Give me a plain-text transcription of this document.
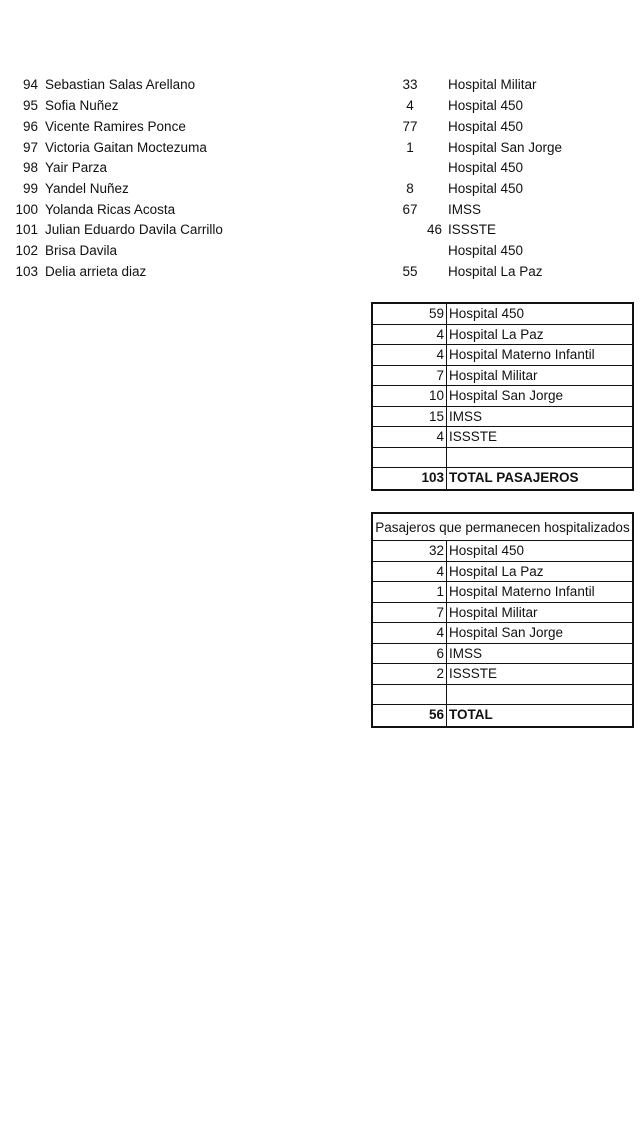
94 Sebastian Salas Arellano	33	Hospital Militar
95 Sofia Nuñez	4	Hospital 450
96 Vicente Ramires Ponce	77	Hospital 450
97 Victoria Gaitan Moctezuma	1	Hospital San Jorge
98 Yair Parza	Hospital 450
99 Yandel Nuñez	8	Hospital 450
100 Yolanda Ricas Acosta	67	IMSS
101 Julian Eduardo Davila Carrillo	46 ISSSTE
102 Brisa Davila	Hospital 450
103 Delia arrieta diaz	55	Hospital La Paz
59 Hospital 450
4 Hospital La Paz
4 Hospital Materno Infantil
7 Hospital Militar
10 Hospital San Jorge
15 IMSS
4 ISSSTE
103 TOTAL PASAJEROS
Pasajeros que permanecen hospitalizados
32 Hospital 450
4 Hospital La Paz
1 Hospital Materno Infantil
7 Hospital Militar
4 Hospital San Jorge
6 IMSS
2 ISSSTE
56 TOTAL
